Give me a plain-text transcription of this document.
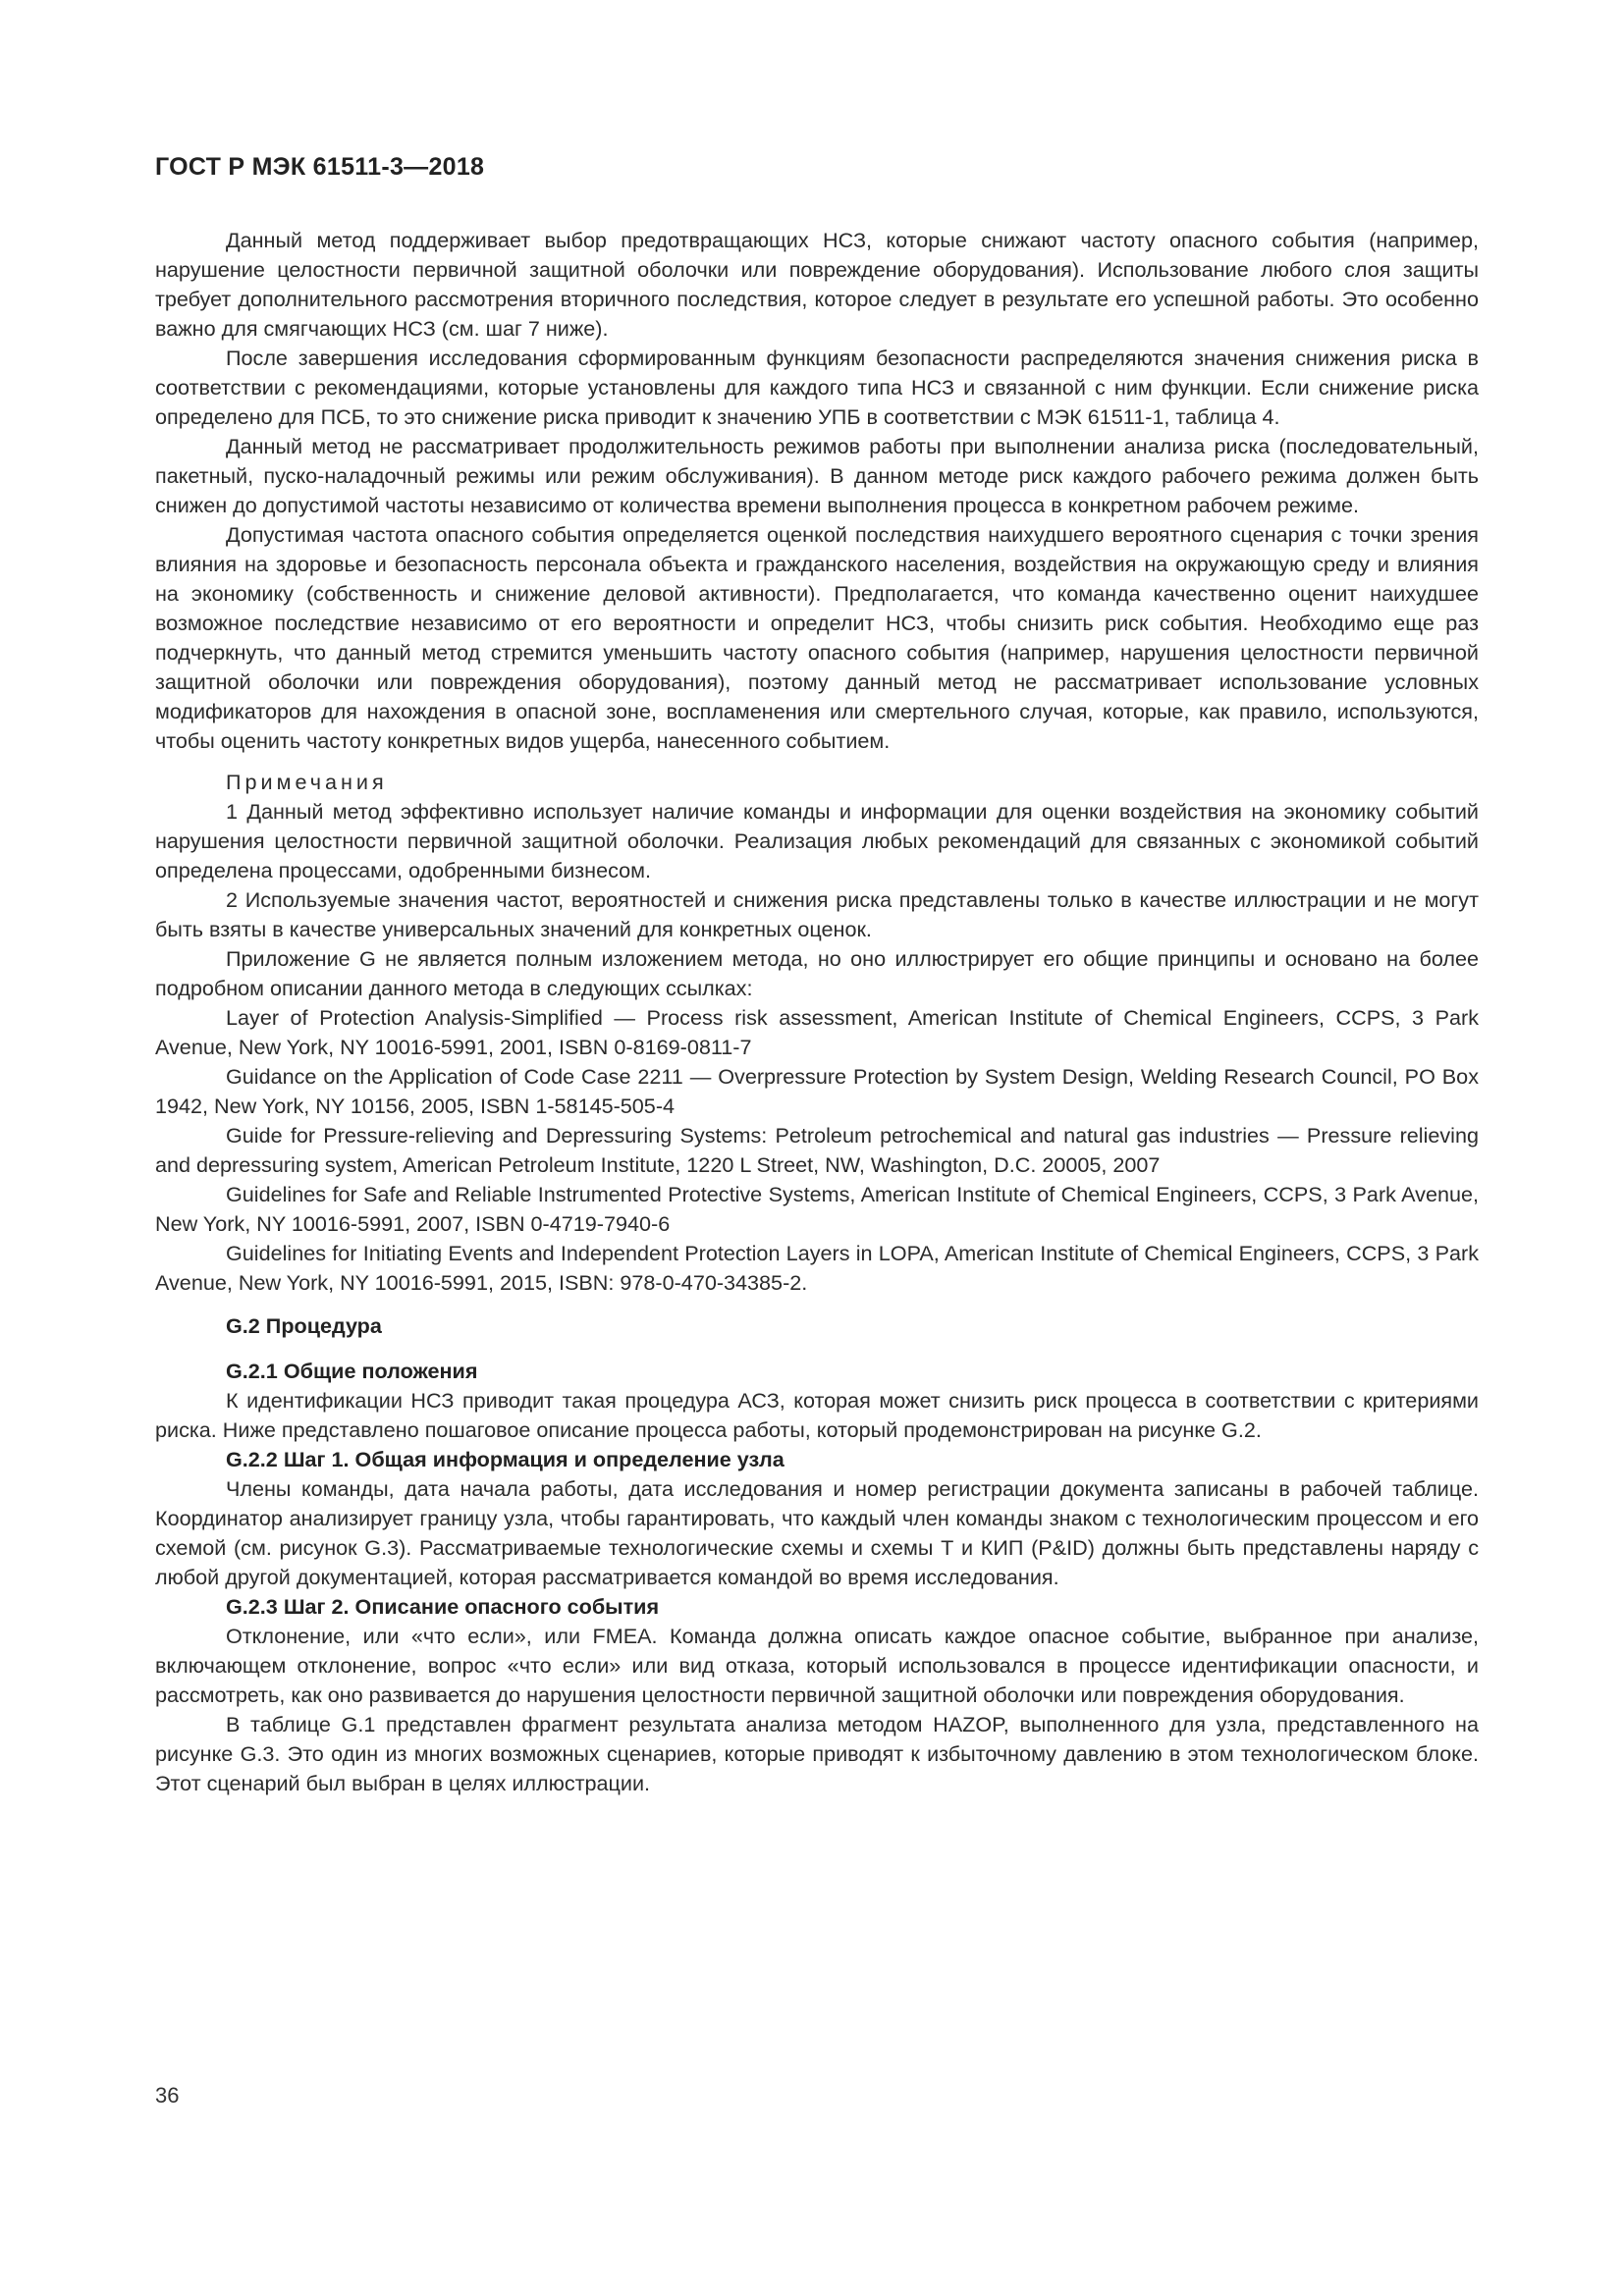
ГОСТ Р МЭК 61511-3—2018

Данный метод поддерживает выбор предотвращающих НСЗ, которые снижают частоту опасного события (например, нарушение целостности первичной защитной оболочки или повреждение оборудования). Использование любого слоя защиты требует дополнительного рассмотрения вторичного последствия, которое следует в результате его успешной работы. Это особенно важно для смягчающих НСЗ (см. шаг 7 ниже).

После завершения исследования сформированным функциям безопасности распределяются значения снижения риска в соответствии с рекомендациями, которые установлены для каждого типа НСЗ и связанной с ним функции. Если снижение риска определено для ПСБ, то это снижение риска приводит к значению УПБ в соответствии с МЭК 61511-1, таблица 4.

Данный метод не рассматривает продолжительность режимов работы при выполнении анализа риска (последовательный, пакетный, пуско-наладочный режимы или режим обслуживания). В данном методе риск каждого рабочего режима должен быть снижен до допустимой частоты независимо от количества времени выполнения процесса в конкретном рабочем режиме.

Допустимая частота опасного события определяется оценкой последствия наихудшего вероятного сценария с точки зрения влияния на здоровье и безопасность персонала объекта и гражданского населения, воздействия на окружающую среду и влияния на экономику (собственность и снижение деловой активности). Предполагается, что команда качественно оценит наихудшее возможное последствие независимо от его вероятности и определит НСЗ, чтобы снизить риск события. Необходимо еще раз подчеркнуть, что данный метод стремится уменьшить частоту опасного события (например, нарушения целостности первичной защитной оболочки или повреждения оборудования), поэтому данный метод не рассматривает использование условных модификаторов для нахождения в опасной зоне, воспламенения или смертельного случая, которые, как правило, используются, чтобы оценить частоту конкретных видов ущерба, нанесенного событием.

Примечания

1 Данный метод эффективно использует наличие команды и информации для оценки воздействия на экономику событий нарушения целостности первичной защитной оболочки. Реализация любых рекомендаций для связанных с экономикой событий определена процессами, одобренными бизнесом.

2 Используемые значения частот, вероятностей и снижения риска представлены только в качестве иллюстрации и не могут быть взяты в качестве универсальных значений для конкретных оценок.

Приложение G не является полным изложением метода, но оно иллюстрирует его общие принципы и основано на более подробном описании данного метода в следующих ссылках:

Layer of Protection Analysis-Simplified — Process risk assessment, American Institute of Chemical Engineers, CCPS, 3 Park Avenue, New York, NY 10016-5991, 2001, ISBN 0-8169-0811-7

Guidance on the Application of Code Case 2211 — Overpressure Protection by System Design, Welding Research Council, PO Box 1942, New York, NY 10156, 2005, ISBN 1-58145-505-4

Guide for Pressure-relieving and Depressuring Systems: Petroleum petrochemical and natural gas industries — Pressure relieving and depressuring system, American Petroleum Institute, 1220 L Street, NW, Washington, D.C. 20005, 2007

Guidelines for Safe and Reliable Instrumented Protective Systems, American Institute of Chemical Engineers, CCPS, 3 Park Avenue, New York, NY 10016-5991, 2007, ISBN 0-4719-7940-6

Guidelines for Initiating Events and Independent Protection Layers in LOPA, American Institute of Chemical Engineers, CCPS, 3 Park Avenue, New York, NY 10016-5991, 2015, ISBN: 978-0-470-34385-2.

G.2 Процедура
G.2.1 Общие положения

К идентификации НСЗ приводит такая процедура АСЗ, которая может снизить риск процесса в соответствии с критериями риска. Ниже представлено пошаговое описание процесса работы, который продемонстрирован на рисунке G.2.

G.2.2 Шаг 1. Общая информация и определение узла

Члены команды, дата начала работы, дата исследования и номер регистрации документа записаны в рабочей таблице. Координатор анализирует границу узла, чтобы гарантировать, что каждый член команды знаком с технологическим процессом и его схемой (см. рисунок G.3). Рассматриваемые технологические схемы и схемы Т и КИП (P&ID) должны быть представлены наряду с любой другой документацией, которая рассматривается командой во время исследования.

G.2.3 Шаг 2. Описание опасного события

Отклонение, или «что если», или FMEA. Команда должна описать каждое опасное событие, выбранное при анализе, включающем отклонение, вопрос «что если» или вид отказа, который использовался в процессе идентификации опасности, и рассмотреть, как оно развивается до нарушения целостности первичной защитной оболочки или повреждения оборудования.

В таблице G.1 представлен фрагмент результата анализа методом HAZOP, выполненного для узла, представленного на рисунке G.3. Это один из многих возможных сценариев, которые приводят к избыточному давлению в этом технологическом блоке. Этот сценарий был выбран в целях иллюстрации.

36
